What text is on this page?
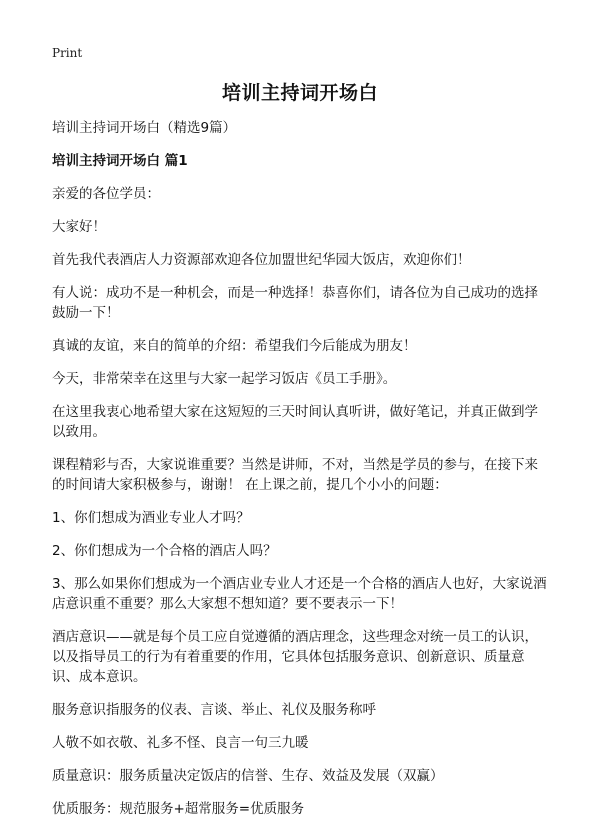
Print
培训主持词开场白

培训主持词开场白（精选9篇）

培训主持词开场白 篇1

亲爱的各位学员：

大家好！

首先我代表酒店人力资源部欢迎各位加盟世纪华园大饭店，欢迎你们！

有人说：成功不是一种机会，而是一种选择！恭喜你们，请各位为自己成功的选择鼓励一下！

真诚的友谊，来自的简单的介绍：希望我们今后能成为朋友！

今天，非常荣幸在这里与大家一起学习饭店《员工手册》。

在这里我衷心地希望大家在这短短的三天时间认真听讲，做好笔记，并真正做到学以致用。

课程精彩与否，大家说谁重要？当然是讲师，不对，当然是学员的参与，在接下来的时间请大家积极参与，谢谢！ 在上课之前，提几个小小的问题：

1、你们想成为酒业专业人才吗？

2、你们想成为一个合格的酒店人吗？

3、那么如果你们想成为一个酒店业专业人才还是一个合格的酒店人也好，大家说酒店意识重不重要？那么大家想不想知道？要不要表示一下！

酒店意识——就是每个员工应自觉遵循的酒店理念，这些理念对统一员工的认识，以及指导员工的行为有着重要的作用，它具体包括服务意识、创新意识、质量意识、成本意识。

服务意识指服务的仪表、言谈、举止、礼仪及服务称呼

人敬不如衣敬、礼多不怪、良言一句三九暖

质量意识：服务质量决定饭店的信誉、生存、效益及发展（双赢）

优质服务：规范服务+超常服务=优质服务
